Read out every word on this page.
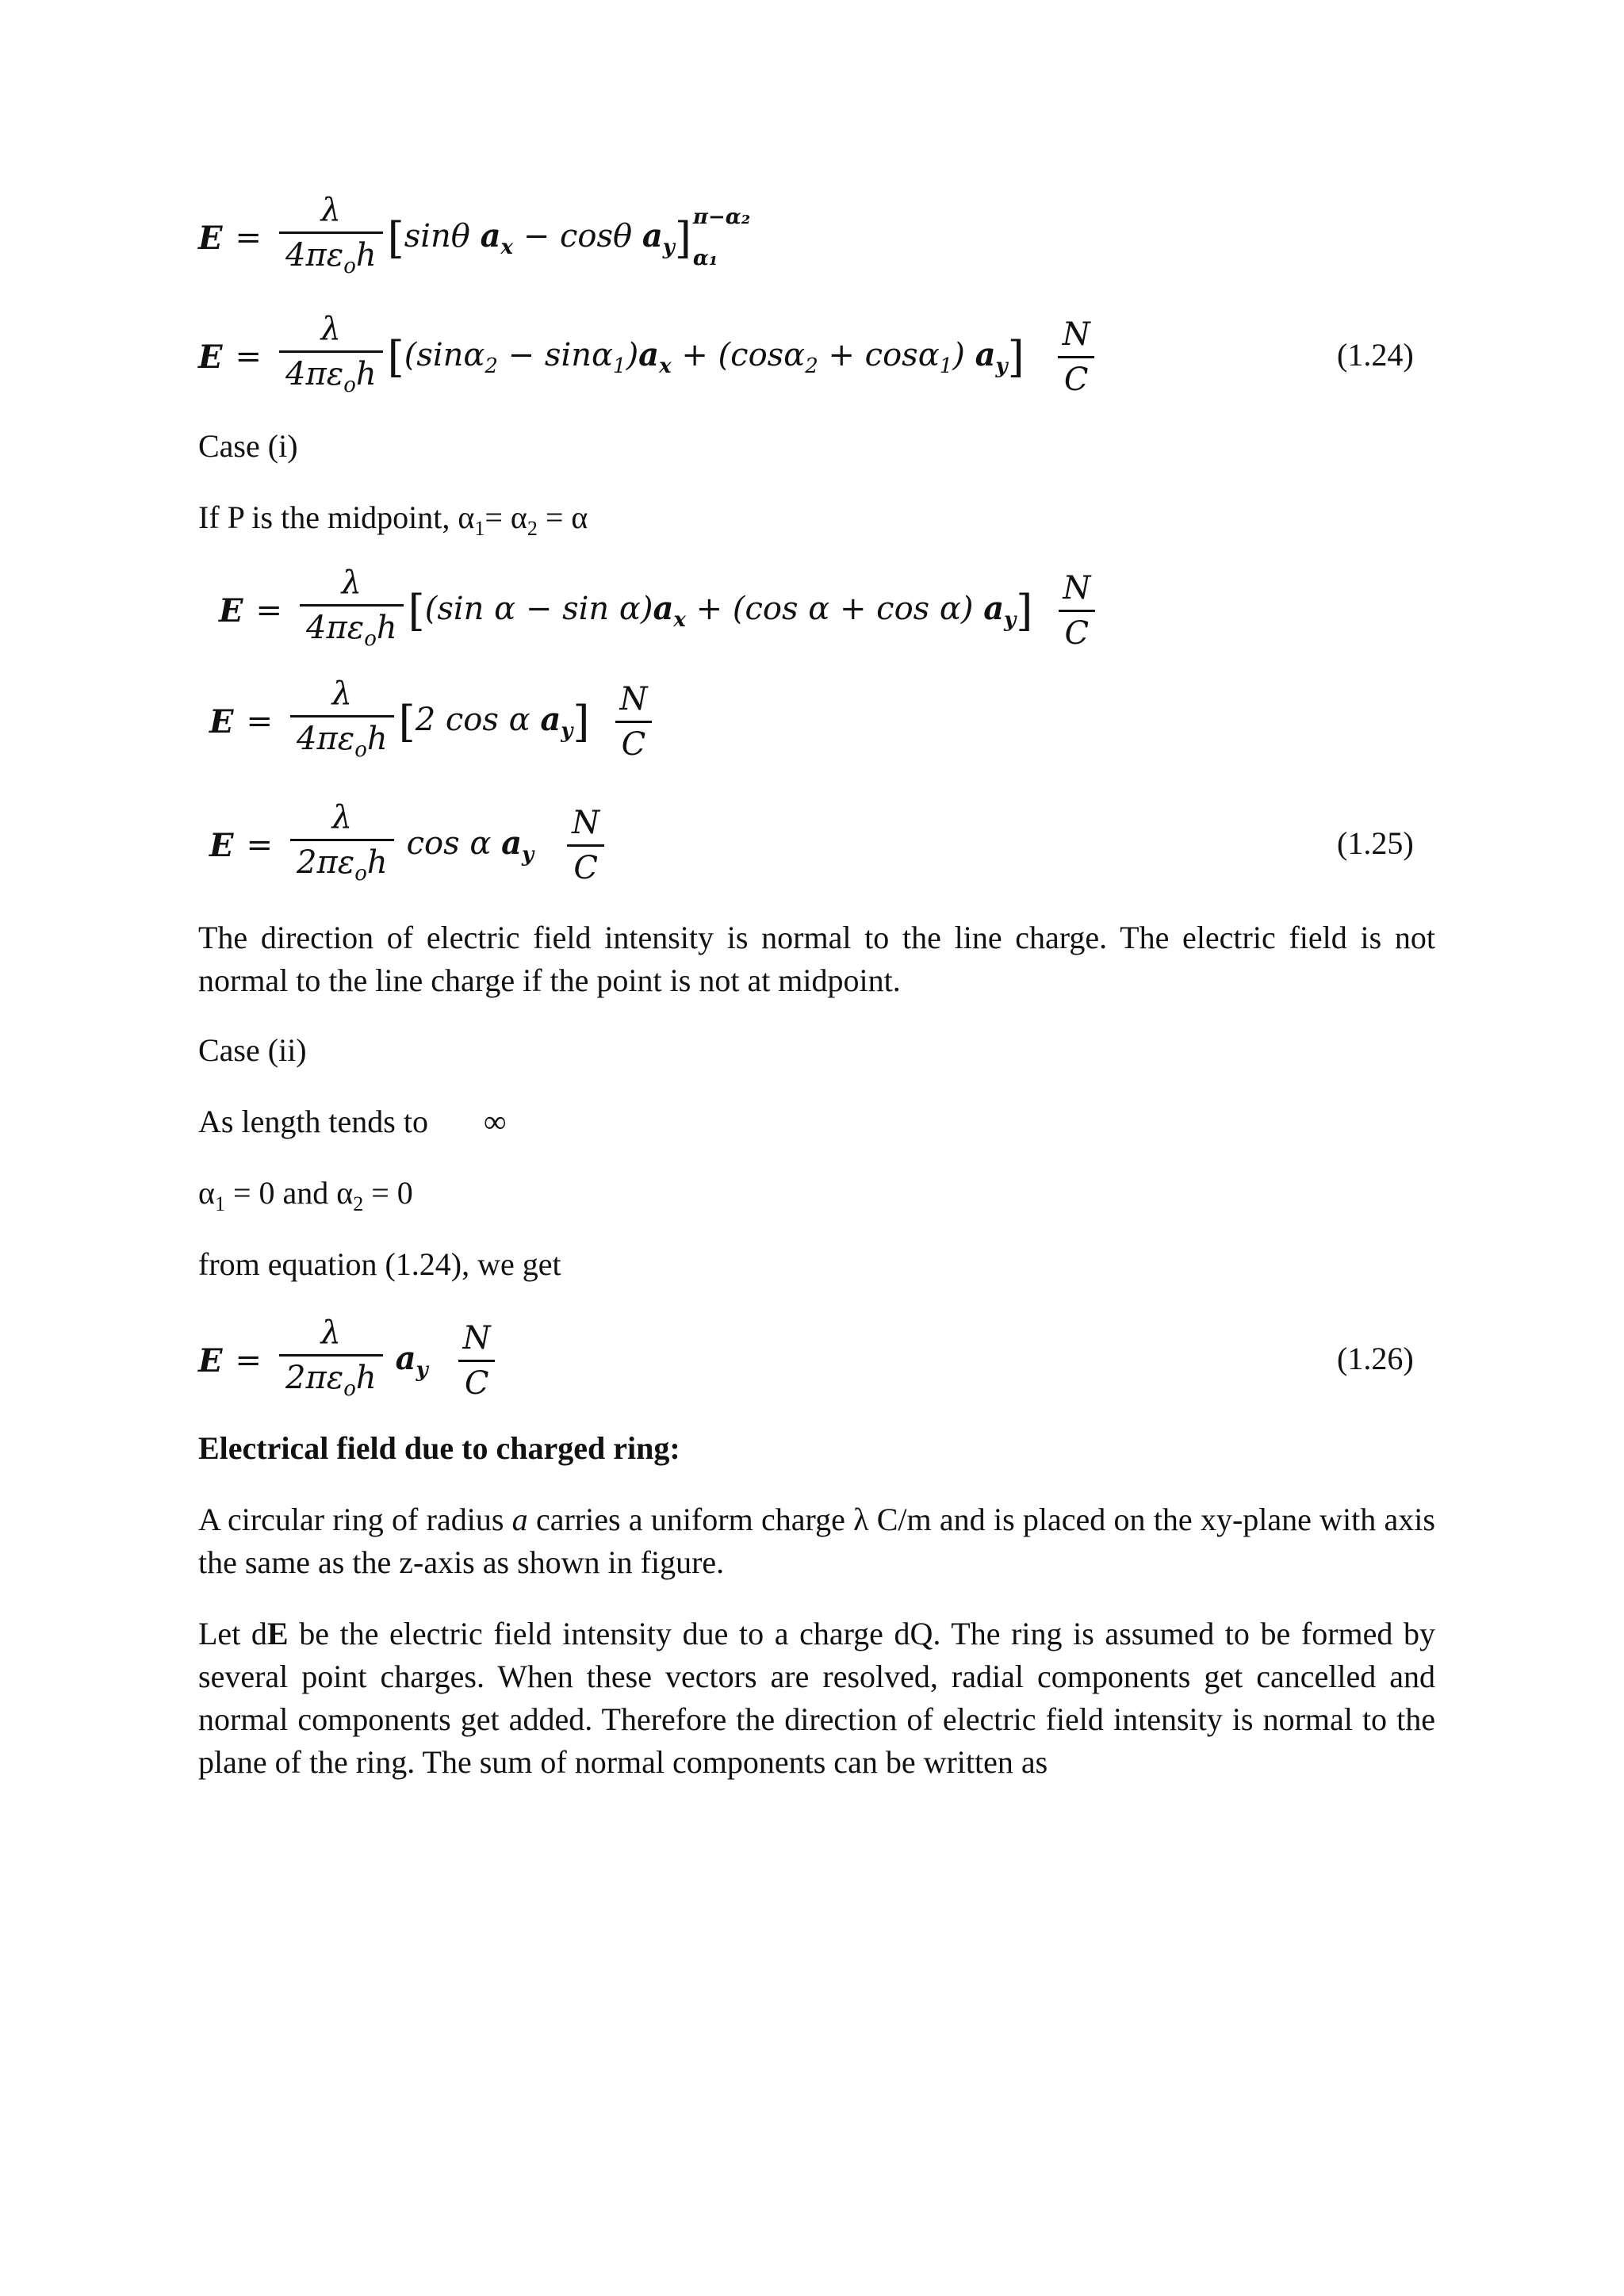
$E = \frac{\lambda}{4\pi\varepsilon_oh}$ [ sinθ $a_x - \cos\theta$ $a_y$ ] π−α₂
α₁
$E = \frac{\lambda}{4\pi\varepsilon_oh}$ [ $(\sin\alpha_2 - \sin\alpha_1)a_x + (\cos\alpha_2 + \cos\alpha_1)$ $a_y$ ] $\frac{N}{C}$	(1.24)
Case (i)
If P is the midpoint, $\alpha_1= \alpha_2 = \alpha$
$E = \frac{\lambda}{4\pi\varepsilon_oh}$ [ (sin $\alpha - \sin \alpha)a_x + (\cos$ α + cos α) $a_y$ ] $\frac{N}{C}$
$E = \frac{\lambda}{4\pi\varepsilon_oh}$ [ 2 cos α $a_y$ ] $\frac{N}{C}$
$E = \frac{\lambda}{2\pi\varepsilon_oh}$ cos α $a_y \frac{N}{C}$	(1.25)
The direction of electric field intensity is normal to the line charge. The electric field is not normal to the line charge if the point is not at midpoint.
Case (ii)
As length tends to ∞
$\alpha_1 = 0$ and $\alpha_2 = 0$
from equation (1.24), we get
$E = \frac{\lambda}{2\pi\varepsilon_oh} a_y \frac{N}{C}$	(1.26)
Electrical field due to charged ring:
A circular ring of radius a carries a uniform charge λ C/m and is placed on the xy-plane with axis the same as the z-axis as shown in figure.
Let dE be the electric field intensity due to a charge dQ. The ring is assumed to be formed by several point charges. When these vectors are resolved, radial components get cancelled and normal components get added. Therefore the direction of electric field intensity is normal to the plane of the ring. The sum of normal components can be written as
